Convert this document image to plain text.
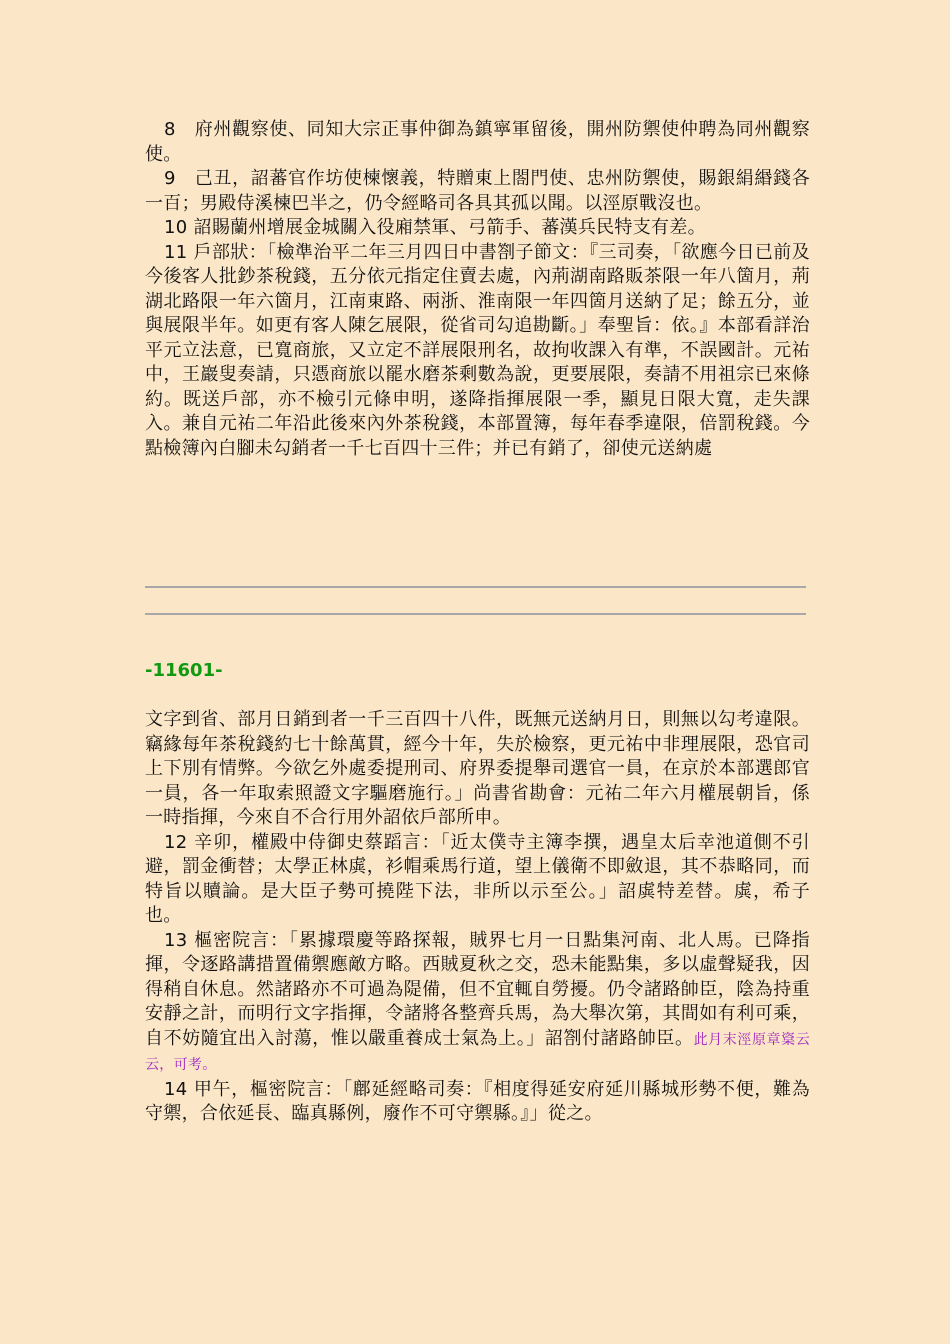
8　府州觀察使、同知大宗正事仲御為鎮寧軍留後，開州防禦使仲聘為同州觀察使。

9　己丑，詔蕃官作坊使楝懷義，特贈東上閤門使、忠州防禦使，賜銀絹緡錢各一百；男殿侍溪楝巴半之，仍令經略司各具其孤以聞。以涇原戰沒也。

10 詔賜蘭州增展金城關入役廂禁軍、弓箭手、蕃漢兵民特支有差。

11 戶部狀：「檢準治平二年三月四日中書劄子節文：『三司奏，「欲應今日已前及今後客人批鈔茶稅錢，五分依元指定住賣去處，內荊湖南路販茶限一年八箇月，荊湖北路限一年六箇月，江南東路、兩浙、淮南限一年四箇月送納了足；餘五分，並與展限半年。如更有客人陳乞展限，從省司勾追勘斷。」奉聖旨：依。』本部看詳治平元立法意，已寬商旅，又立定不詳展限刑名，故拘收課入有準，不誤國計。元祐中，王巖叟奏請，只憑商旅以罷水磨茶剩數為說，更要展限，奏請不用祖宗已來條約。既送戶部，亦不檢引元條申明，遂降指揮展限一季，顯見日限大寬，走失課入。兼自元祐二年沿此後來內外茶稅錢，本部置簿，每年春季違限，倍罰稅錢。今點檢簿內白腳未勾銷者一千七百四十三件；并已有銷了，卻使元送納處

-11601-

文字到省、部月日銷到者一千三百四十八件，既無元送納月日，則無以勾考違限。竊緣每年茶稅錢約七十餘萬貫，經今十年，失於檢察，更元祐中非理展限，恐官司上下別有情弊。今欲乞外處委提刑司、府界委提舉司選官一員，在京於本部選郎官一員，各一年取索照證文字驅磨施行。」尚書省勘會：元祐二年六月權展朝旨，係一時指揮，今來自不合行用外詔依戶部所申。

12 辛卯，權殿中侍御史蔡蹈言：「近太僕寺主簿李撰，遇皇太后幸池道側不引避，罰金衝替；太學正林虡，衫帽乘馬行道，望上儀衛不即斂退，其不恭略同，而特旨以贖論。是大臣子勢可撓陛下法，非所以示至公。」詔虡特差替。虡，希子也。

13 樞密院言：「累據環慶等路探報，賊界七月一日點集河南、北人馬。已降指揮，令逐路講措置備禦應敵方略。西賊夏秋之交，恐未能點集，多以虛聲疑我，因得稍自休息。然諸路亦不可過為隄備，但不宜輒自勞擾。仍令諸路帥臣，陰為持重安靜之計，而明行文字指揮，令諸將各整齊兵馬，為大舉次第，其間如有利可乘，自不妨隨宜出入討蕩，惟以嚴重養成士氣為上。」詔劄付諸路帥臣。此月末涇原章楶云云，可考。

14 甲午，樞密院言：「鄜延經略司奏：『相度得延安府延川縣城形勢不便，難為守禦，合依延長、臨真縣例，廢作不可守禦縣。』」從之。
